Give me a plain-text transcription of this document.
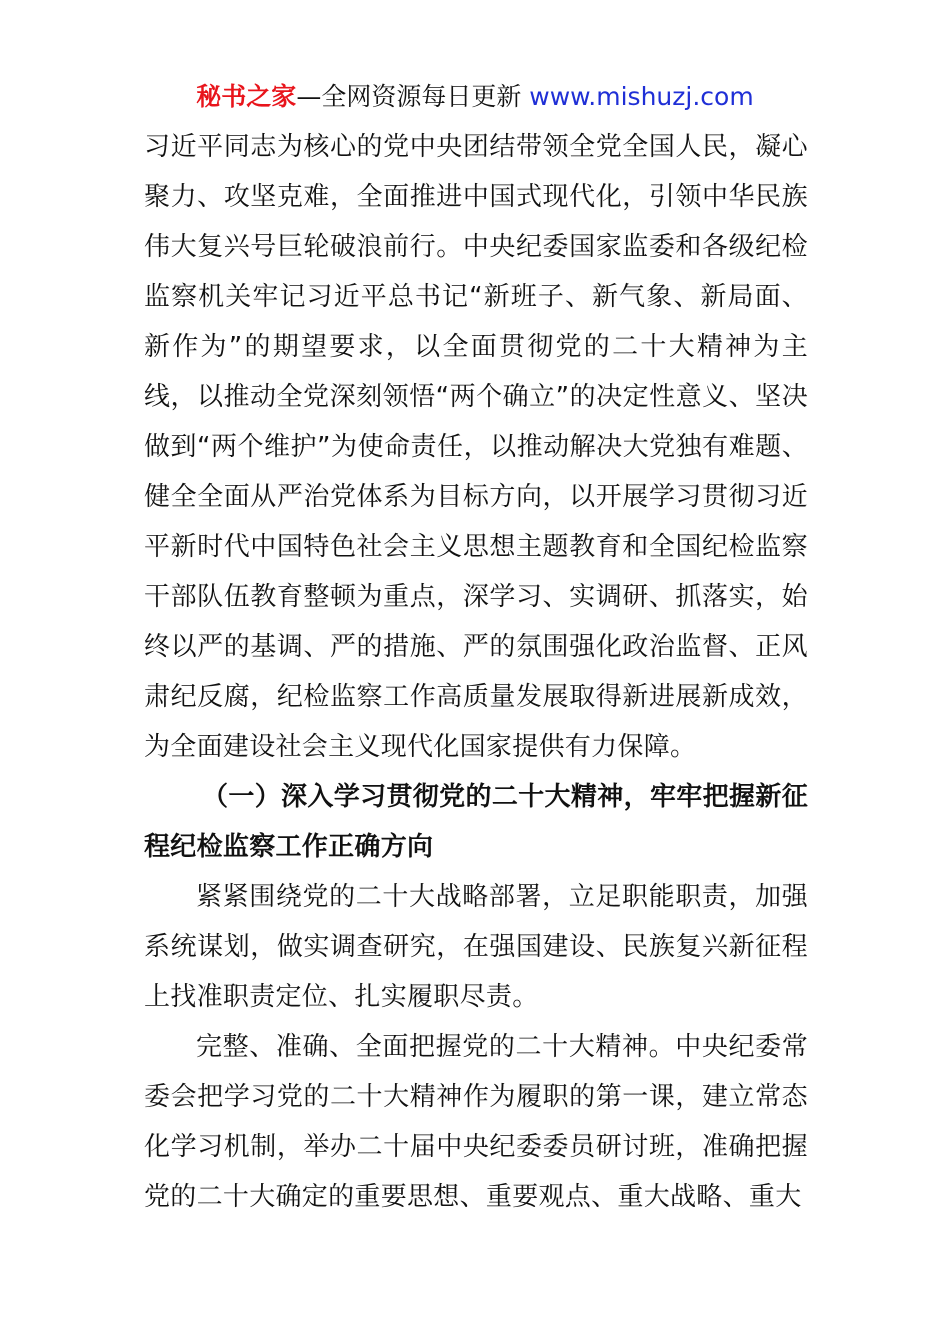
秘书之家—全网资源每日更新 www.mishuzj.com

习近平同志为核心的党中央团结带领全党全国人民，凝心聚力、攻坚克难，全面推进中国式现代化，引领中华民族伟大复兴号巨轮破浪前行。中央纪委国家监委和各级纪检监察机关牢记习近平总书记“新班子、新气象、新局面、新作为”的期望要求，以全面贯彻党的二十大精神为主线，以推动全党深刻领悟“两个确立”的决定性意义、坚决做到“两个维护”为使命责任，以推动解决大党独有难题、健全全面从严治党体系为目标方向，以开展学习贯彻习近平新时代中国特色社会主义思想主题教育和全国纪检监察干部队伍教育整顿为重点，深学习、实调研、抓落实，始终以严的基调、严的措施、严的氛围强化政治监督、正风肃纪反腐，纪检监察工作高质量发展取得新进展新成效，为全面建设社会主义现代化国家提供有力保障。

（一）深入学习贯彻党的二十大精神，牢牢把握新征程纪检监察工作正确方向

紧紧围绕党的二十大战略部署，立足职能职责，加强系统谋划，做实调查研究，在强国建设、民族复兴新征程上找准职责定位、扎实履职尽责。

完整、准确、全面把握党的二十大精神。中央纪委常委会把学习党的二十大精神作为履职的第一课，建立常态化学习机制，举办二十届中央纪委委员研讨班，准确把握党的二十大确定的重要思想、重要观点、重大战略、重大
